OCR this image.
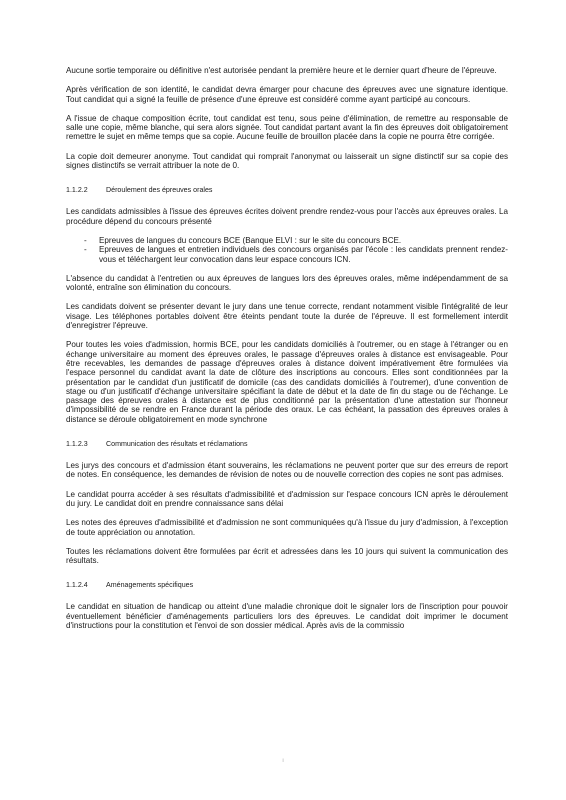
Aucune sortie temporaire ou définitive n'est autorisée pendant la première heure et le dernier quart d'heure de l'épreuve.

Après vérification de son identité, le candidat devra émarger pour chacune des épreuves avec une signature identique. Tout candidat qui a signé la feuille de présence d'une épreuve est considéré comme ayant participé au concours.

A l'issue de chaque composition écrite, tout candidat est tenu, sous peine d'élimination, de remettre au responsable de salle une copie, même blanche, qui sera alors signée. Tout candidat partant avant la fin des épreuves doit obligatoirement remettre le sujet en même temps que sa copie. Aucune feuille de brouillon placée dans la copie ne pourra être corrigée.

La copie doit demeurer anonyme. Tout candidat qui romprait l'anonymat ou laisserait un signe distinctif sur sa copie des signes distinctifs se verrait attribuer la note de 0.

1.1.2.2	Déroulement des épreuves orales

Les candidats admissibles à l'issue des épreuves écrites doivent prendre rendez-vous pour l'accès aux épreuves orales. La procédure dépend du concours présenté

- Epreuves de langues du concours BCE (Banque ELVI : sur le site du concours BCE.
- Epreuves de langues et entretien individuels des concours organisés par l'école : les candidats prennent rendez-vous et téléchargent leur convocation dans leur espace concours ICN.

L'absence du candidat à l'entretien ou aux épreuves de langues lors des épreuves orales, même indépendamment de sa volonté, entraîne son élimination du concours.

Les candidats doivent se présenter devant le jury dans une tenue correcte, rendant notamment visible l'intégralité de leur visage. Les téléphones portables doivent être éteints pendant toute la durée de l'épreuve. Il est formellement interdit d'enregistrer l'épreuve.

Pour toutes les voies d'admission, hormis BCE, pour les candidats domiciliés à l'outremer, ou en stage à l'étranger ou en échange universitaire au moment des épreuves orales, le passage d'épreuves orales à distance est envisageable. Pour être recevables, les demandes de passage d'épreuves orales à distance doivent impérativement être formulées via l'espace personnel du candidat avant la date de clôture des inscriptions au concours. Elles sont conditionnées par la présentation par le candidat d'un justificatif de domicile (cas des candidats domiciliés à l'outremer), d'une convention de stage ou d'un justificatif d'échange universitaire spécifiant la date de début et la date de fin du stage ou de l'échange. Le passage des épreuves orales à distance est de plus conditionné par la présentation d'une attestation sur l'honneur d'impossibilité de se rendre en France durant la période des oraux. Le cas échéant, la passation des épreuves orales à distance se déroule obligatoirement en mode synchrone

1.1.2.3	Communication des résultats et réclamations

Les jurys des concours et d'admission étant souverains, les réclamations ne peuvent porter que sur des erreurs de report de notes. En conséquence, les demandes de révision de notes ou de nouvelle correction des copies ne sont pas admises.

Le candidat pourra accéder à ses résultats d'admissibilité et d'admission sur l'espace concours ICN après le déroulement du jury. Le candidat doit en prendre connaissance sans délai

Les notes des épreuves d'admissibilité et d'admission ne sont communiquées qu'à l'issue du jury d'admission, à l'exception de toute appréciation ou annotation.

Toutes les réclamations doivent être formulées par écrit et adressées dans les 10 jours qui suivent la communication des résultats.

1.1.2.4	Aménagements spécifiques

Le candidat en situation de handicap ou atteint d'une maladie chronique doit le signaler lors de l'inscription pour pouvoir éventuellement bénéficier d'aménagements particuliers lors des épreuves. Le candidat doit imprimer le document d'instructions pour la constitution et l'envoi de son dossier médical. Après avis de la commissio

i
